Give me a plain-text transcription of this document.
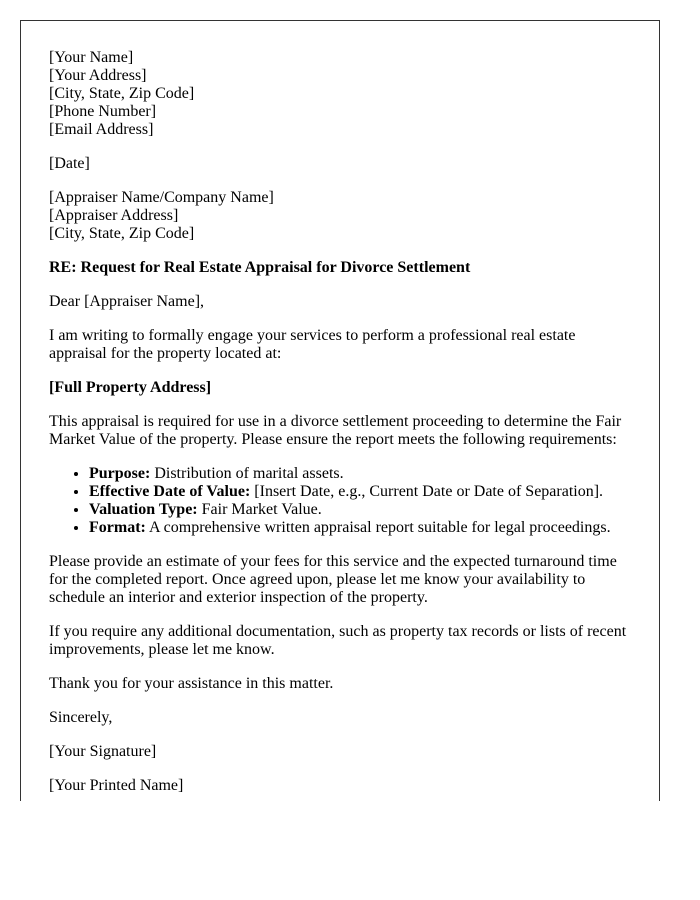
[Your Name]
[Your Address]
[City, State, Zip Code]
[Phone Number]
[Email Address]

[Date]

[Appraiser Name/Company Name]
[Appraiser Address]
[City, State, Zip Code]

RE: Request for Real Estate Appraisal for Divorce Settlement

Dear [Appraiser Name],

I am writing to formally engage your services to perform a professional real estate appraisal for the property located at:

[Full Property Address]

This appraisal is required for use in a divorce settlement proceeding to determine the Fair Market Value of the property. Please ensure the report meets the following requirements:

• Purpose: Distribution of marital assets.
• Effective Date of Value: [Insert Date, e.g., Current Date or Date of Separation].
• Valuation Type: Fair Market Value.
• Format: A comprehensive written appraisal report suitable for legal proceedings.

Please provide an estimate of your fees for this service and the expected turnaround time for the completed report. Once agreed upon, please let me know your availability to schedule an interior and exterior inspection of the property.

If you require any additional documentation, such as property tax records or lists of recent improvements, please let me know.

Thank you for your assistance in this matter.

Sincerely,

[Your Signature]

[Your Printed Name]
